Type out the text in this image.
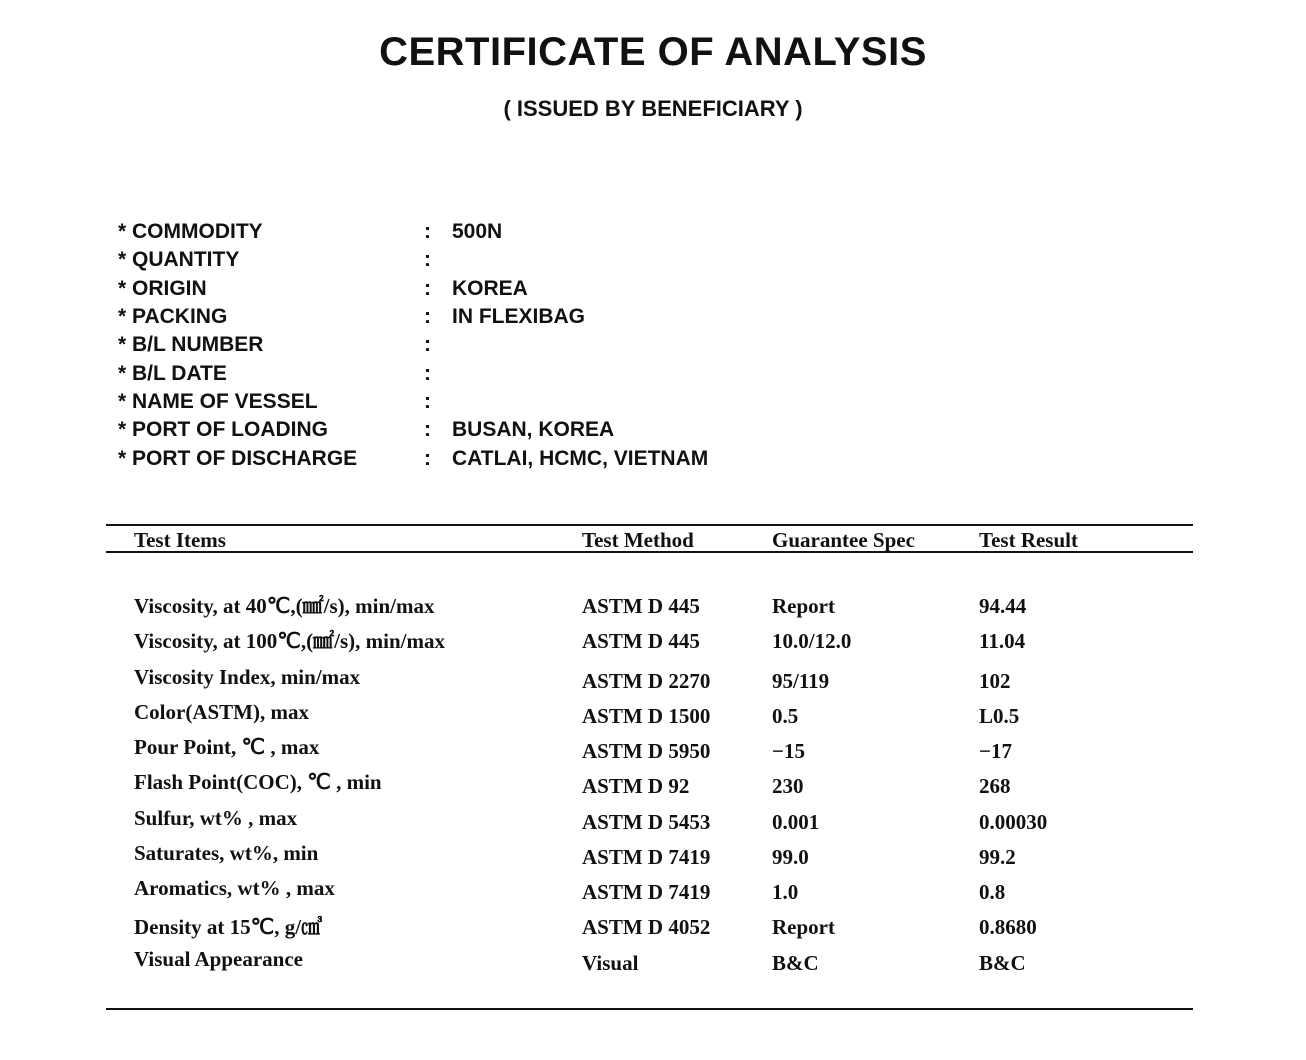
CERTIFICATE OF ANALYSIS
( ISSUED BY BENEFICIARY )
* COMMODITY	:	500N
* QUANTITY	:
* ORIGIN	:	KOREA
* PACKING	:	IN FLEXIBAG
* B/L NUMBER	:
* B/L DATE	:
* NAME OF VESSEL	:
* PORT OF LOADING	:	BUSAN, KOREA
* PORT OF DISCHARGE	:	CATLAI, HCMC, VIETNAM
Test Items	Test Method	Guarantee Spec	Test Result
Viscosity, at 40℃,(㎟/s), min/max	ASTM D 445	Report	94.44
Viscosity, at 100℃,(㎟/s), min/max	ASTM D 445	10.0/12.0	11.04
Viscosity Index, min/max	ASTM D 2270	95/119	102
Color(ASTM), max	ASTM D 1500	0.5	L0.5
Pour Point, ℃ , max	ASTM D 5950	−15	−17
Flash Point(COC), ℃ , min	ASTM D 92	230	268
Sulfur, wt% , max	ASTM D 5453	0.001	0.00030
Saturates, wt%, min	ASTM D 7419	99.0	99.2
Aromatics, wt% , max	ASTM D 7419	1.0	0.8
Density at 15℃, g/㎤	ASTM D 4052	Report	0.8680
Visual Appearance	Visual	B&C	B&C
